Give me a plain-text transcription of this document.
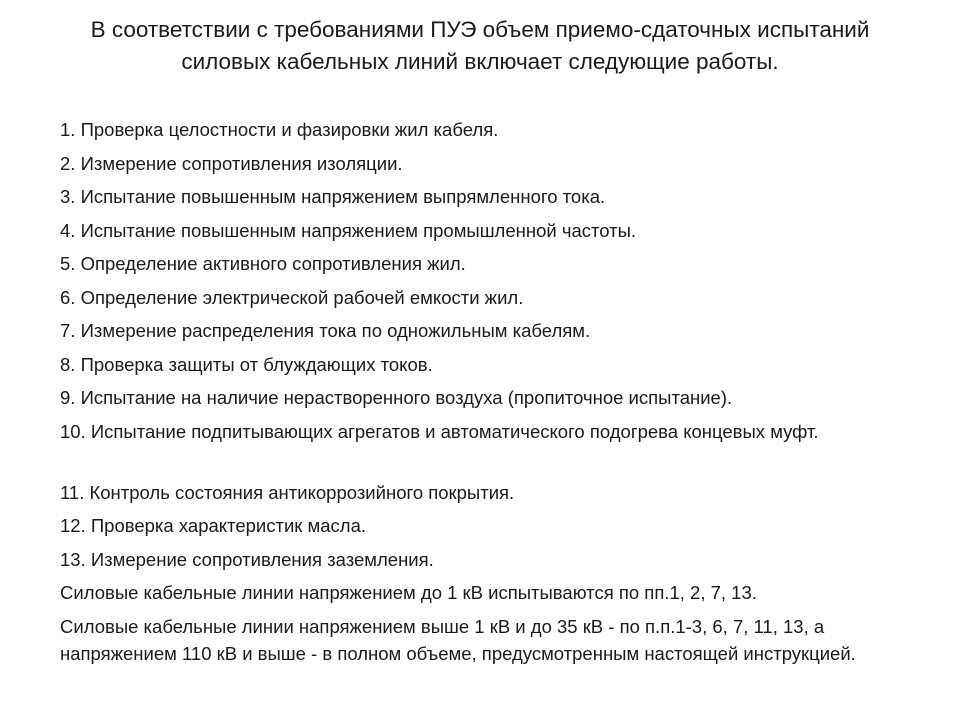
В соответствии с требованиями ПУЭ объем приемо-сдаточных испытаний
силовых кабельных линий включает следующие работы.

1. Проверка целостности и фазировки жил кабеля.

2. Измерение сопротивления изоляции.

3. Испытание повышенным напряжением выпрямленного тока.

4. Испытание повышенным напряжением промышленной частоты.

5. Определение активного сопротивления жил.

6. Определение электрической рабочей емкости жил.

7. Измерение распределения тока по одножильным кабелям.

8. Проверка защиты от блуждающих токов.

9. Испытание на наличие нерастворенного воздуха (пропиточное испытание).

10. Испытание подпитывающих агрегатов и автоматического подогрева концевых муфт.

11. Контроль состояния антикоррозийного покрытия.

12. Проверка характеристик масла.

13. Измерение сопротивления заземления.

Силовые кабельные линии напряжением до 1 кВ испытываются по пп.1, 2, 7, 13.

Силовые кабельные линии напряжением выше 1 кВ и до 35 кВ - по п.п.1-3, 6, 7, 11, 13, а напряжением 110 кВ и выше - в полном объеме, предусмотренным настоящей инструкцией.
